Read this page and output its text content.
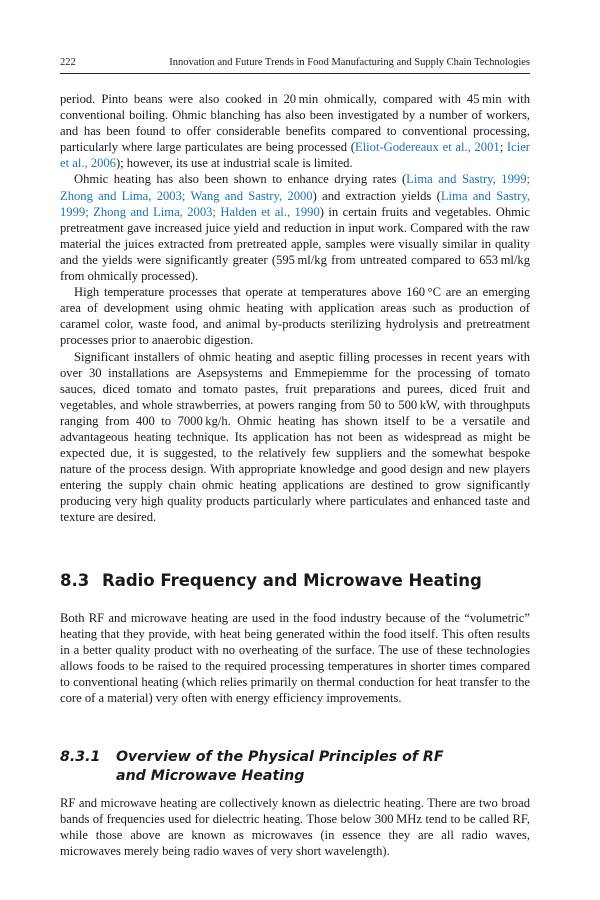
222	Innovation and Future Trends in Food Manufacturing and Supply Chain Technologies

period. Pinto beans were also cooked in 20 min ohmically, compared with 45 min with conventional boiling. Ohmic blanching has also been investigated by a number of workers, and has been found to offer considerable benefits compared to conventional processing, particularly where large particulates are being processed (Eliot-Godereaux et al., 2001; Icier et al., 2006); however, its use at industrial scale is limited.

Ohmic heating has also been shown to enhance drying rates (Lima and Sastry, 1999; Zhong and Lima, 2003; Wang and Sastry, 2000) and extraction yields (Lima and Sastry, 1999; Zhong and Lima, 2003; Halden et al., 1990) in certain fruits and vegetables. Ohmic pretreatment gave increased juice yield and reduction in input work. Compared with the raw material the juices extracted from pretreated apple, samples were visually similar in quality and the yields were significantly greater (595 ml/kg from untreated compared to 653 ml/kg from ohmically processed).

High temperature processes that operate at temperatures above 160 °C are an emerging area of development using ohmic heating with application areas such as production of caramel color, waste food, and animal by-products sterilizing hydrolysis and pretreatment processes prior to anaerobic digestion.

Significant installers of ohmic heating and aseptic filling processes in recent years with over 30 installations are Asepsystems and Emmepiemme for the processing of tomato sauces, diced tomato and tomato pastes, fruit preparations and purees, diced fruit and vegetables, and whole strawberries, at powers ranging from 50 to 500 kW, with throughputs ranging from 400 to 7000 kg/h. Ohmic heating has shown itself to be a versatile and advantageous heating technique. Its application has not been as widespread as might be expected due, it is suggested, to the relatively few suppliers and the somewhat bespoke nature of the process design. With appropriate knowledge and good design and new players entering the supply chain ohmic heating applications are destined to grow significantly producing very high quality products particularly where particulates and enhanced taste and texture are desired.

8.3 Radio Frequency and Microwave Heating

Both RF and microwave heating are used in the food industry because of the “volumetric” heating that they provide, with heat being generated within the food itself. This often results in a better quality product with no overheating of the surface. The use of these technologies allows foods to be raised to the required processing temperatures in shorter times compared to conventional heating (which relies primarily on thermal conduction for heat transfer to the core of a material) very often with energy efficiency improvements.

8.3.1 Overview of the Physical Principles of RF
and Microwave Heating

RF and microwave heating are collectively known as dielectric heating. There are two broad bands of frequencies used for dielectric heating. Those below 300 MHz tend to be called RF, while those above are known as microwaves (in essence they are all radio waves, microwaves merely being radio waves of very short wavelength).
